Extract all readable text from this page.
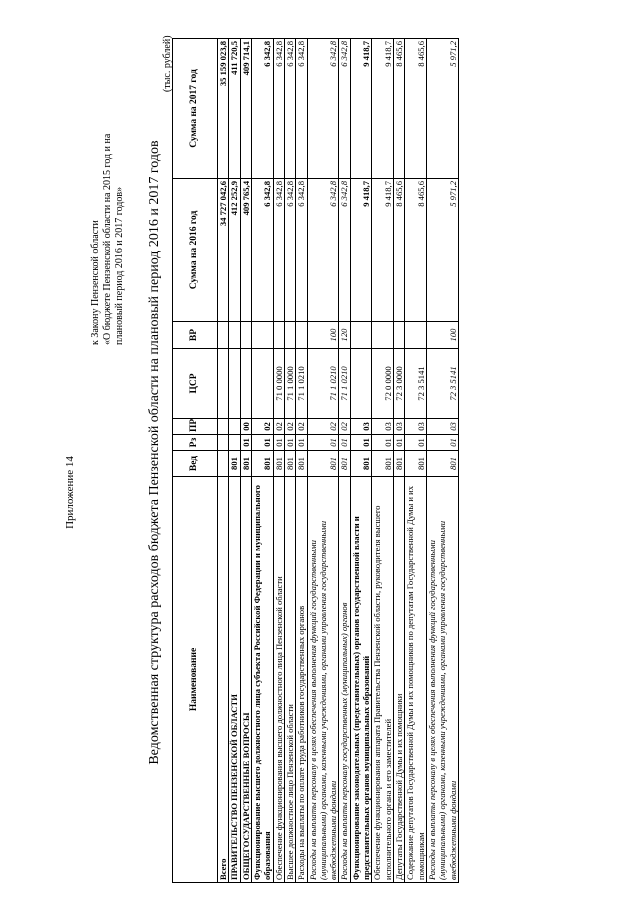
Приложение 14
к Закону Пензенской области «О бюджете Пензенской области на 2015 год и на плановый период 2016 и 2017 годов» Ведомственная структура расходов бюджета Пензенской области на плановый период 2016 и 2017 годов
(тыс. рублей)
Наименование	Вед	Рз	ПР	ЦСР	ВР	Сумма на 2016 год	Сумма на 2017 год
Всего						34 727 042,6	35 159 023,8
ПРАВИТЕЛЬСТВО ПЕНЗЕНСКОЙ ОБЛАСТИ	801					412 252,9	411 720,5
ОБЩЕГОСУДАРСТВЕННЫЕ ВОПРОСЫ	801	01	00			409 765,4	409 714,1
Функционирование высшего должностного лица субъекта Российской Федерации и муниципального образования	801	01	02			6 342,8	6 342,8
Обеспечение функционирования высшего должностного лица Пензенской области	801	01	02	71 0 0000		6 342,8	6 342,8
Высшее должностное лицо Пензенской области	801	01	02	71 1 0000		6 342,8	6 342,8
Расходы на выплаты по оплате труда работников государственных органов	801	01	02	71 1 0210		6 342,8	6 342,8
Расходы на выплаты персоналу в целях обеспечения выполнения функций государственными (муниципальными) органами, казенными учреждениями, органами управления государственными внебюджетными фондами	801	01	02	71 1 0210	100	6 342,8	6 342,8
Расходы на выплаты персоналу государственных (муниципальных) органов	801	01	02	71 1 0210	120	6 342,8	6 342,8
Функционирование законодательных (представительных) органов государственной власти и представительных органов муниципальных образований	801	01	03			9 418,7	9 418,7
Обеспечение функционирования аппарата Правительства Пензенской области, руководителя высшего исполнительного органа и его заместителей	801	01	03	72 0 0000		9 418,7	9 418,7
Депутаты Государственной Думы и их помощники	801	01	03	72 3 0000		8 465,6	8 465,6
Содержание депутатов Государственной Думы и их помощников по депутатам Государственной Думы и их помощникам	801	01	03	72 3 5141		8 465,6	8 465,6
Расходы на выплаты персоналу в целях обеспечения выполнения функций государственными (муниципальными) органами, казенными учреждениями, органами управления государственными внебюджетными фондами	801	01	03	72 3 5141	100	5 971,2	5 971,2
